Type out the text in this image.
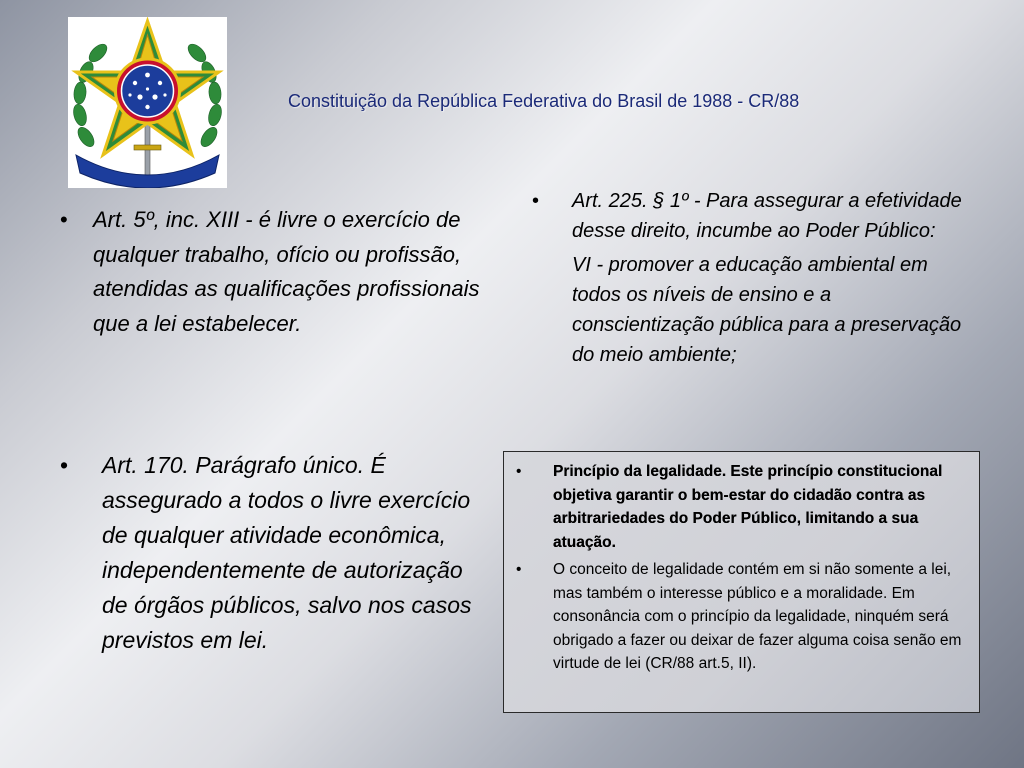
Constituição da República Federativa do Brasil de 1988 - CR/88
• Art. 5º, inc. XIII - é livre o exercício de qualquer trabalho, ofício ou profissão, atendidas as qualificações profissionais que a lei estabelecer.
• Art. 225. § 1º - Para assegurar a efetividade desse direito, incumbe ao Poder Público:
VI - promover a educação ambiental em todos os níveis de ensino e a conscientização pública para a preservação do meio ambiente;
• Art. 170. Parágrafo único. É assegurado a todos o livre exercício de qualquer atividade econômica, independentemente de autorização de órgãos públicos, salvo nos casos previstos em lei.
• Princípio da legalidade. Este princípio constitucional objetiva garantir o bem-estar do cidadão contra as arbitrariedades do Poder Público, limitando a sua atuação.
• O conceito de legalidade contém em si não somente a lei, mas também o interesse público e a moralidade. Em consonância com o princípio da legalidade, ninquém será obrigado a fazer ou deixar de fazer alguma coisa senão em virtude de lei (CR/88 art.5, II).
